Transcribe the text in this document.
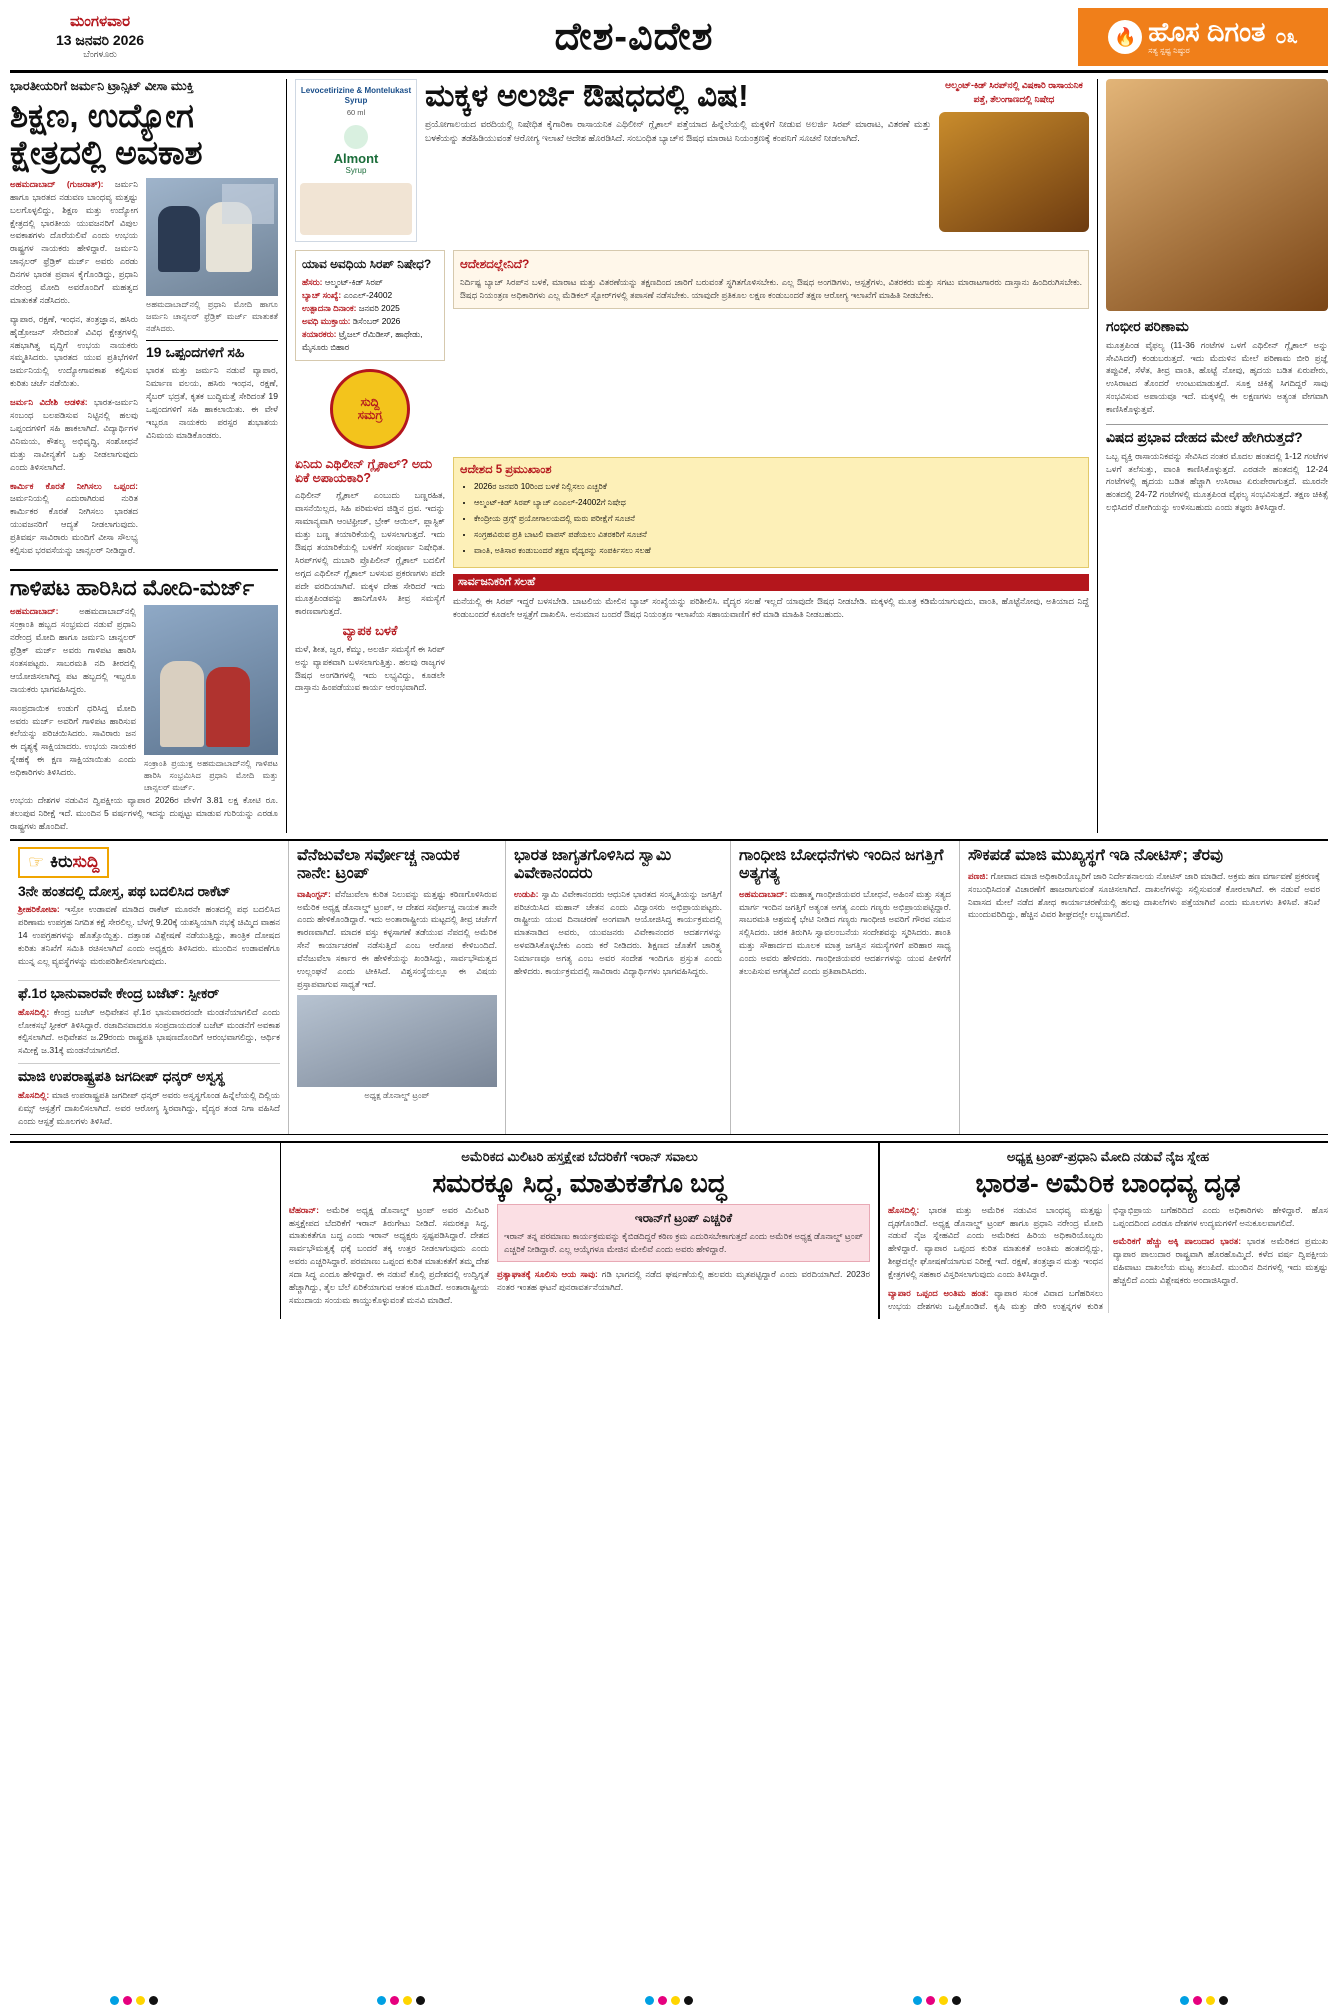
ಮಂಗಳವಾರ
13 ಜನವರಿ 2026
ಬೆಂಗಳೂರು	ದೇಶ-ವಿದೇಶ	🔥 ಹೊಸ ದಿಗಂತ
ಸತ್ಯ ಸ್ಪಷ್ಟ ನಿಷ್ಠುರ
೦೩
ಭಾರತೀಯರಿಗೆ ಜರ್ಮನಿ ಟ್ರಾನ್ಸಿಟ್ ವೀಸಾ ಮುಕ್ತಿ
ಶಿಕ್ಷಣ, ಉದ್ಯೋಗ ಕ್ಷೇತ್ರದಲ್ಲಿ ಅವಕಾಶ

ಅಹಮದಾಬಾದ್ (ಗುಜರಾತ್): ಜರ್ಮನಿ ಹಾಗೂ ಭಾರತದ ನಡುವಣ ಬಾಂಧವ್ಯ ಮತ್ತಷ್ಟು ಬಲಗೊಳ್ಳಲಿದ್ದು, ಶಿಕ್ಷಣ ಮತ್ತು ಉದ್ಯೋಗ ಕ್ಷೇತ್ರದಲ್ಲಿ ಭಾರತೀಯ ಯುವಜನರಿಗೆ ವಿಪುಲ ಅವಕಾಶಗಳು ದೊರೆಯಲಿವೆ ಎಂದು ಉಭಯ ರಾಷ್ಟ್ರಗಳ ನಾಯಕರು ಹೇಳಿದ್ದಾರೆ. ಜರ್ಮನಿ ಚಾನ್ಸಲರ್ ಫ್ರೆಡ್ರಿಕ್ ಮರ್ಜ್ ಅವರು ಎರಡು ದಿನಗಳ ಭಾರತ ಪ್ರವಾಸ ಕೈಗೊಂಡಿದ್ದು, ಪ್ರಧಾನಿ ನರೇಂದ್ರ ಮೋದಿ ಅವರೊಂದಿಗೆ ಮಹತ್ವದ ಮಾತುಕತೆ ನಡೆಸಿದರು.

ವ್ಯಾಪಾರ, ರಕ್ಷಣೆ, ಇಂಧನ, ತಂತ್ರಜ್ಞಾನ, ಹಸಿರು ಹೈಡ್ರೋಜನ್ ಸೇರಿದಂತೆ ವಿವಿಧ ಕ್ಷೇತ್ರಗಳಲ್ಲಿ ಸಹಭಾಗಿತ್ವ ವೃದ್ಧಿಗೆ ಉಭಯ ನಾಯಕರು ಸಮ್ಮತಿಸಿದರು. ಭಾರತದ ಯುವ ಪ್ರತಿಭೆಗಳಿಗೆ ಜರ್ಮನಿಯಲ್ಲಿ ಉದ್ಯೋಗಾವಕಾಶ ಕಲ್ಪಿಸುವ ಕುರಿತು ಚರ್ಚೆ ನಡೆಯಿತು.

ಜರ್ಮನಿ ವಿದೇಶಿ ಆಡಳಿತ: ಭಾರತ-ಜರ್ಮನಿ ಸಂಬಂಧ ಬಲಪಡಿಸುವ ನಿಟ್ಟಿನಲ್ಲಿ ಹಲವು ಒಪ್ಪಂದಗಳಿಗೆ ಸಹಿ ಹಾಕಲಾಗಿದೆ. ವಿದ್ಯಾರ್ಥಿಗಳ ವಿನಿಮಯ, ಕೌಶಲ್ಯ ಅಭಿವೃದ್ಧಿ, ಸಂಶೋಧನೆ ಮತ್ತು ನಾವೀನ್ಯತೆಗೆ ಒತ್ತು ನೀಡಲಾಗುವುದು ಎಂದು ತಿಳಿಸಲಾಗಿದೆ.

ಕಾರ್ಮಿಕ ಕೊರತೆ ನೀಗಿಸಲು ಒಪ್ಪಂದ: ಜರ್ಮನಿಯಲ್ಲಿ ಎದುರಾಗಿರುವ ನುರಿತ ಕಾರ್ಮಿಕರ ಕೊರತೆ ನೀಗಿಸಲು ಭಾರತದ ಯುವಜನರಿಗೆ ಆದ್ಯತೆ ನೀಡಲಾಗುವುದು. ಪ್ರತಿವರ್ಷ ಸಾವಿರಾರು ಮಂದಿಗೆ ವೀಸಾ ಸೌಲಭ್ಯ ಕಲ್ಪಿಸುವ ಭರವಸೆಯನ್ನು ಚಾನ್ಸಲರ್ ನೀಡಿದ್ದಾರೆ.

ಅಹಮದಾಬಾದ್‌ನಲ್ಲಿ ಪ್ರಧಾನಿ ಮೋದಿ ಹಾಗೂ ಜರ್ಮನಿ ಚಾನ್ಸಲರ್ ಫ್ರೆಡ್ರಿಕ್ ಮರ್ಜ್ ಮಾತುಕತೆ ನಡೆಸಿದರು.
19 ಒಪ್ಪಂದಗಳಿಗೆ ಸಹಿ
ಭಾರತ ಮತ್ತು ಜರ್ಮನಿ ನಡುವೆ ವ್ಯಾಪಾರ, ನಿರ್ಮಾಣ ವಲಯ, ಹಸಿರು ಇಂಧನ, ರಕ್ಷಣೆ, ಸೈಬರ್ ಭದ್ರತೆ, ಕೃತಕ ಬುದ್ಧಿಮತ್ತೆ ಸೇರಿದಂತೆ 19 ಒಪ್ಪಂದಗಳಿಗೆ ಸಹಿ ಹಾಕಲಾಯಿತು. ಈ ವೇಳೆ ಇಬ್ಬರೂ ನಾಯಕರು ಪರಸ್ಪರ ಶುಭಾಶಯ ವಿನಿಮಯ ಮಾಡಿಕೊಂಡರು.
ಗಾಳಿಪಟ ಹಾರಿಸಿದ ಮೋದಿ-ಮರ್ಜ್

ಅಹಮದಾಬಾದ್: ಅಹಮದಾಬಾದ್‌ನಲ್ಲಿ ಸಂಕ್ರಾಂತಿ ಹಬ್ಬದ ಸಂಭ್ರಮದ ನಡುವೆ ಪ್ರಧಾನಿ ನರೇಂದ್ರ ಮೋದಿ ಹಾಗೂ ಜರ್ಮನಿ ಚಾನ್ಸಲರ್ ಫ್ರೆಡ್ರಿಕ್ ಮರ್ಜ್ ಅವರು ಗಾಳಿಪಟ ಹಾರಿಸಿ ಸಂತಸಪಟ್ಟರು. ಸಾಬರಮತಿ ನದಿ ತೀರದಲ್ಲಿ ಆಯೋಜಿಸಲಾಗಿದ್ದ ಪಟ ಹಬ್ಬದಲ್ಲಿ ಇಬ್ಬರೂ ನಾಯಕರು ಭಾಗವಹಿಸಿದ್ದರು.

ಸಾಂಪ್ರದಾಯಿಕ ಉಡುಗೆ ಧರಿಸಿದ್ದ ಮೋದಿ ಅವರು ಮರ್ಜ್ ಅವರಿಗೆ ಗಾಳಿಪಟ ಹಾರಿಸುವ ಕಲೆಯನ್ನು ಪರಿಚಯಿಸಿದರು. ಸಾವಿರಾರು ಜನ ಈ ದೃಶ್ಯಕ್ಕೆ ಸಾಕ್ಷಿಯಾದರು. ಉಭಯ ನಾಯಕರ ಸ್ನೇಹಕ್ಕೆ ಈ ಕ್ಷಣ ಸಾಕ್ಷಿಯಾಯಿತು ಎಂದು ಅಧಿಕಾರಿಗಳು ತಿಳಿಸಿದರು.

ಸಂಕ್ರಾಂತಿ ಪ್ರಯುಕ್ತ ಅಹಮದಾಬಾದ್‌ನಲ್ಲಿ ಗಾಳಿಪಟ ಹಾರಿಸಿ ಸಂಭ್ರಮಿಸಿದ ಪ್ರಧಾನಿ ಮೋದಿ ಮತ್ತು ಚಾನ್ಸಲರ್ ಮರ್ಜ್.
ಉಭಯ ದೇಶಗಳ ನಡುವಿನ ದ್ವಿಪಕ್ಷೀಯ ವ್ಯಾಪಾರ 2026ರ ವೇಳೆಗೆ 3.81 ಲಕ್ಷ ಕೋಟಿ ರೂ. ತಲುಪುವ ನಿರೀಕ್ಷೆ ಇದೆ. ಮುಂದಿನ 5 ವರ್ಷಗಳಲ್ಲಿ ಇದನ್ನು ದುಪ್ಪಟ್ಟು ಮಾಡುವ ಗುರಿಯನ್ನು ಎರಡೂ ರಾಷ್ಟ್ರಗಳು ಹೊಂದಿವೆ.
Levocetirizine & Montelukast Syrup
60 ml
Almont
Syrup
ಮಕ್ಕಳ ಅಲರ್ಜಿ ಔಷಧದಲ್ಲಿ ವಿಷ!
ಪ್ರಯೋಗಾಲಯದ ವರದಿಯಲ್ಲಿ ನಿಷೇಧಿತ ಕೈಗಾರಿಕಾ ರಾಸಾಯನಿಕ ಎಥಿಲೀನ್ ಗ್ಲೈಕಾಲ್ ಪತ್ತೆಯಾದ ಹಿನ್ನೆಲೆಯಲ್ಲಿ ಮಕ್ಕಳಿಗೆ ನೀಡುವ ಅಲರ್ಜಿ ಸಿರಪ್ ಮಾರಾಟ, ವಿತರಣೆ ಮತ್ತು ಬಳಕೆಯನ್ನು ತಡೆಹಿಡಿಯುವಂತೆ ಆರೋಗ್ಯ ಇಲಾಖೆ ಆದೇಶ ಹೊರಡಿಸಿದೆ. ಸಂಬಂಧಿತ ಬ್ಯಾಚ್‌ನ ಔಷಧ ಮಾರಾಟ ನಿಯಂತ್ರಣಕ್ಕೆ ಕಂಪನಿಗೆ ಸೂಚನೆ ನೀಡಲಾಗಿದೆ.
ಆಲ್ಮಂಟ್-ಕಿಡ್ ಸಿರಪ್‌ನಲ್ಲಿ ವಿಷಕಾರಿ ರಾಸಾಯನಿಕ ಪತ್ತೆ, ತೆಲಂಗಾಣದಲ್ಲಿ ನಿಷೇಧ
ಯಾವ ಅವಧಿಯ ಸಿರಪ್ ನಿಷೇಧ?
ಹೆಸರು: ಆಲ್ಮಂಟ್-ಕಿಡ್ ಸಿರಪ್
ಬ್ಯಾಚ್ ಸಂಖ್ಯೆ: ಎಂಎಲ್-24002
ಉತ್ಪಾದನಾ ದಿನಾಂಕ: ಜನವರಿ 2025
ಅವಧಿ ಮುಕ್ತಾಯ: ಡಿಸೆಂಬರ್ 2026
ತಯಾರಕರು: ಟ್ರೈಜಲ್ ರೆಮಿಡೀಸ್, ಹಾಥೇಡು, ಮೈಸೂರು ಬಿಹಾರ
ಸುದ್ದಿ
ಸಮಗ್ರ
ಆದೇಶದಲ್ಲೇನಿದೆ?
ನಿರ್ದಿಷ್ಟ ಬ್ಯಾಚ್ ಸಿರಪ್‌ನ ಬಳಕೆ, ಮಾರಾಟ ಮತ್ತು ವಿತರಣೆಯನ್ನು ತಕ್ಷಣದಿಂದ ಜಾರಿಗೆ ಬರುವಂತೆ ಸ್ಥಗಿತಗೊಳಿಸಬೇಕು. ಎಲ್ಲ ಔಷಧ ಅಂಗಡಿಗಳು, ಆಸ್ಪತ್ರೆಗಳು, ವಿತರಕರು ಮತ್ತು ಸಗಟು ಮಾರಾಟಗಾರರು ದಾಸ್ತಾನು ಹಿಂದಿರುಗಿಸಬೇಕು. ಔಷಧ ನಿಯಂತ್ರಣ ಅಧಿಕಾರಿಗಳು ಎಲ್ಲ ಮೆಡಿಕಲ್ ಸ್ಟೋರ್‌ಗಳಲ್ಲಿ ತಪಾಸಣೆ ನಡೆಸಬೇಕು. ಯಾವುದೇ ಪ್ರತಿಕೂಲ ಲಕ್ಷಣ ಕಂಡುಬಂದರೆ ತಕ್ಷಣ ಆರೋಗ್ಯ ಇಲಾಖೆಗೆ ಮಾಹಿತಿ ನೀಡಬೇಕು.
ಏನಿದು ಎಥಿಲೀನ್ ಗ್ಲೈಕಾಲ್? ಅದು ಏಕೆ ಅಪಾಯಕಾರಿ?
ಎಥಿಲೀನ್ ಗ್ಲೈಕಾಲ್ ಎಂಬುದು ಬಣ್ಣರಹಿತ, ವಾಸನೆಯಿಲ್ಲದ, ಸಿಹಿ ಪರಿಮಳದ ಜಿಡ್ಡಿನ ದ್ರವ. ಇದನ್ನು ಸಾಮಾನ್ಯವಾಗಿ ಆಂಟಿಫ್ರೀಜ್, ಬ್ರೇಕ್ ಆಯಿಲ್, ಪ್ಲಾಸ್ಟಿಕ್ ಮತ್ತು ಬಣ್ಣ ತಯಾರಿಕೆಯಲ್ಲಿ ಬಳಸಲಾಗುತ್ತದೆ. ಇದು ಔಷಧ ತಯಾರಿಕೆಯಲ್ಲಿ ಬಳಕೆಗೆ ಸಂಪೂರ್ಣ ನಿಷೇಧಿತ. ಸಿರಪ್‌ಗಳಲ್ಲಿ ದುಬಾರಿ ಪ್ರೊಪಿಲೀನ್ ಗ್ಲೈಕಾಲ್ ಬದಲಿಗೆ ಅಗ್ಗದ ಎಥಿಲೀನ್ ಗ್ಲೈಕಾಲ್ ಬಳಸುವ ಪ್ರಕರಣಗಳು ಪದೇ ಪದೇ ವರದಿಯಾಗಿವೆ. ಮಕ್ಕಳ ದೇಹ ಸೇರಿದರೆ ಇದು ಮೂತ್ರಪಿಂಡವನ್ನು ಹಾನಿಗೊಳಿಸಿ ತೀವ್ರ ಸಮಸ್ಯೆಗೆ ಕಾರಣವಾಗುತ್ತದೆ.
ವ್ಯಾಪಕ ಬಳಕೆ
ಮಳೆ, ಶೀತ, ಜ್ವರ, ಕೆಮ್ಮು, ಅಲರ್ಜಿ ಸಮಸ್ಯೆಗೆ ಈ ಸಿರಪ್ ಅನ್ನು ವ್ಯಾಪಕವಾಗಿ ಬಳಸಲಾಗುತ್ತಿತ್ತು. ಹಲವು ರಾಜ್ಯಗಳ ಔಷಧ ಅಂಗಡಿಗಳಲ್ಲಿ ಇದು ಲಭ್ಯವಿದ್ದು, ಕೂಡಲೇ ದಾಸ್ತಾನು ಹಿಂಪಡೆಯುವ ಕಾರ್ಯ ಆರಂಭವಾಗಿದೆ.
ಆದೇಶದ 5 ಪ್ರಮುಖಾಂಶ
• 2026ರ ಜನವರಿ 10ರಿಂದ ಬಳಕೆ ನಿಲ್ಲಿಸಲು ಎಚ್ಚರಿಕೆ
• ಆಲ್ಮಂಟ್-ಕಿಡ್ ಸಿರಪ್ ಬ್ಯಾಚ್ ಎಂಎಲ್-24002ಗೆ ನಿಷೇಧ
• ಕೇಂದ್ರೀಯ ಡ್ರಗ್ಸ್ ಪ್ರಯೋಗಾಲಯದಲ್ಲಿ ಮರು ಪರೀಕ್ಷೆಗೆ ಸೂಚನೆ
• ಸಂಗ್ರಹವಿರುವ ಪ್ರತಿ ಬಾಟಲಿ ವಾಪಸ್ ಪಡೆಯಲು ವಿತರಕರಿಗೆ ಸೂಚನೆ
• ವಾಂತಿ, ಅತಿಸಾರ ಕಂಡುಬಂದರೆ ತಕ್ಷಣ ವೈದ್ಯರನ್ನು ಸಂಪರ್ಕಿಸಲು ಸಲಹೆ
ಸಾರ್ವಜನಿಕರಿಗೆ ಸಲಹೆ
ಮನೆಯಲ್ಲಿ ಈ ಸಿರಪ್ ಇದ್ದರೆ ಬಳಸಬೇಡಿ. ಬಾಟಲಿಯ ಮೇಲಿನ ಬ್ಯಾಚ್ ಸಂಖ್ಯೆಯನ್ನು ಪರಿಶೀಲಿಸಿ. ವೈದ್ಯರ ಸಲಹೆ ಇಲ್ಲದೆ ಯಾವುದೇ ಔಷಧ ನೀಡಬೇಡಿ. ಮಕ್ಕಳಲ್ಲಿ ಮೂತ್ರ ಕಡಿಮೆಯಾಗುವುದು, ವಾಂತಿ, ಹೊಟ್ಟೆನೋವು, ಅತಿಯಾದ ನಿದ್ದೆ ಕಂಡುಬಂದರೆ ಕೂಡಲೇ ಆಸ್ಪತ್ರೆಗೆ ದಾಖಲಿಸಿ. ಅನುಮಾನ ಬಂದರೆ ಔಷಧ ನಿಯಂತ್ರಣ ಇಲಾಖೆಯ ಸಹಾಯವಾಣಿಗೆ ಕರೆ ಮಾಡಿ ಮಾಹಿತಿ ನೀಡಬಹುದು.
ಗಂಭೀರ ಪರಿಣಾಮ
ಮೂತ್ರಪಿಂಡ ವೈಫಲ್ಯ (11-36 ಗಂಟೆಗಳ ಒಳಗೆ ಎಥಿಲೀನ್ ಗ್ಲೈಕಾಲ್ ಅನ್ನು ಸೇವಿಸಿದರೆ) ಕಂಡುಬರುತ್ತದೆ. ಇದು ಮೆದುಳಿನ ಮೇಲೆ ಪರಿಣಾಮ ಬೀರಿ ಪ್ರಜ್ಞೆ ತಪ್ಪುವಿಕೆ, ಸೆಳೆತ, ತೀವ್ರ ವಾಂತಿ, ಹೊಟ್ಟೆ ನೋವು, ಹೃದಯ ಬಡಿತ ಏರುಪೇರು, ಉಸಿರಾಟದ ತೊಂದರೆ ಉಂಟುಮಾಡುತ್ತದೆ. ಸೂಕ್ತ ಚಿಕಿತ್ಸೆ ಸಿಗದಿದ್ದರೆ ಸಾವು ಸಂಭವಿಸುವ ಅಪಾಯವೂ ಇದೆ. ಮಕ್ಕಳಲ್ಲಿ ಈ ಲಕ್ಷಣಗಳು ಅತ್ಯಂತ ವೇಗವಾಗಿ ಕಾಣಿಸಿಕೊಳ್ಳುತ್ತವೆ.
ವಿಷದ ಪ್ರಭಾವ ದೇಹದ ಮೇಲೆ ಹೇಗಿರುತ್ತದೆ?
ಒಬ್ಬ ವ್ಯಕ್ತಿ ರಾಸಾಯನಿಕವನ್ನು ಸೇವಿಸಿದ ನಂತರ ಮೊದಲ ಹಂತದಲ್ಲಿ 1-12 ಗಂಟೆಗಳ ಒಳಗೆ ತಲೆಸುತ್ತು, ವಾಂತಿ ಕಾಣಿಸಿಕೊಳ್ಳುತ್ತದೆ. ಎರಡನೇ ಹಂತದಲ್ಲಿ 12-24 ಗಂಟೆಗಳಲ್ಲಿ ಹೃದಯ ಬಡಿತ ಹೆಚ್ಚಾಗಿ ಉಸಿರಾಟ ಏರುಪೇರಾಗುತ್ತದೆ. ಮೂರನೇ ಹಂತದಲ್ಲಿ 24-72 ಗಂಟೆಗಳಲ್ಲಿ ಮೂತ್ರಪಿಂಡ ವೈಫಲ್ಯ ಸಂಭವಿಸುತ್ತದೆ. ತಕ್ಷಣ ಚಿಕಿತ್ಸೆ ಲಭಿಸಿದರೆ ರೋಗಿಯನ್ನು ಉಳಿಸಬಹುದು ಎಂದು ತಜ್ಞರು ತಿಳಿಸಿದ್ದಾರೆ.
☞ ಕಿರುಸುದ್ದಿ
3ನೇ ಹಂತದಲ್ಲಿ ದೋಸ್ತ, ಪಥ ಬದಲಿಸಿದ ರಾಕೆಟ್

ಶ್ರೀಹರಿಕೋಟಾ: ಇಸ್ರೋ ಉಡಾವಣೆ ಮಾಡಿದ ರಾಕೆಟ್ ಮೂರನೇ ಹಂತದಲ್ಲಿ ಪಥ ಬದಲಿಸಿದ ಪರಿಣಾಮ ಉಪಗ್ರಹ ನಿಗದಿತ ಕಕ್ಷೆ ಸೇರಲಿಲ್ಲ. ಬೆಳಗ್ಗೆ 9.20ಕ್ಕೆ ಯಶಸ್ವಿಯಾಗಿ ನಭಕ್ಕೆ ಚಿಮ್ಮಿದ ವಾಹನ 14 ಉಪಗ್ರಹಗಳನ್ನು ಹೊತ್ತೊಯ್ದಿತ್ತು. ದತ್ತಾಂಶ ವಿಶ್ಲೇಷಣೆ ನಡೆಯುತ್ತಿದ್ದು, ತಾಂತ್ರಿಕ ದೋಷದ ಕುರಿತು ತನಿಖೆಗೆ ಸಮಿತಿ ರಚಿಸಲಾಗಿದೆ ಎಂದು ಅಧ್ಯಕ್ಷರು ತಿಳಿಸಿದರು. ಮುಂದಿನ ಉಡಾವಣೆಗೂ ಮುನ್ನ ಎಲ್ಲ ವ್ಯವಸ್ಥೆಗಳನ್ನು ಮರುಪರಿಶೀಲಿಸಲಾಗುವುದು.

ಫೆ.1ರ ಭಾನುವಾರವೇ ಕೇಂದ್ರ ಬಜೆಟ್: ಸ್ಪೀಕರ್
ಹೊಸದಿಲ್ಲಿ: ಕೇಂದ್ರ ಬಜೆಟ್ ಅಧಿವೇಶನ ಫೆ.1ರ ಭಾನುವಾರದಂದೇ ಮಂಡನೆಯಾಗಲಿದೆ ಎಂದು ಲೋಕಸಭೆ ಸ್ಪೀಕರ್ ತಿಳಿಸಿದ್ದಾರೆ. ರಜಾದಿನವಾದರೂ ಸಂಪ್ರದಾಯದಂತೆ ಬಜೆಟ್ ಮಂಡನೆಗೆ ಅವಕಾಶ ಕಲ್ಪಿಸಲಾಗಿದೆ. ಅಧಿವೇಶನ ಜ.29ರಂದು ರಾಷ್ಟ್ರಪತಿ ಭಾಷಣದೊಂದಿಗೆ ಆರಂಭವಾಗಲಿದ್ದು, ಆರ್ಥಿಕ ಸಮೀಕ್ಷೆ ಜ.31ಕ್ಕೆ ಮಂಡನೆಯಾಗಲಿದೆ.
ಮಾಜಿ ಉಪರಾಷ್ಟ್ರಪತಿ ಜಗದೀಪ್ ಧನ್ಕರ್ ಅಸ್ವಸ್ಥ
ಹೊಸದಿಲ್ಲಿ: ಮಾಜಿ ಉಪರಾಷ್ಟ್ರಪತಿ ಜಗದೀಪ್ ಧನ್ಕರ್ ಅವರು ಅಸ್ವಸ್ಥಗೊಂಡ ಹಿನ್ನೆಲೆಯಲ್ಲಿ ದಿಲ್ಲಿಯ ಏಮ್ಸ್ ಆಸ್ಪತ್ರೆಗೆ ದಾಖಲಿಸಲಾಗಿದೆ. ಅವರ ಆರೋಗ್ಯ ಸ್ಥಿರವಾಗಿದ್ದು, ವೈದ್ಯರ ತಂಡ ನಿಗಾ ವಹಿಸಿದೆ ಎಂದು ಆಸ್ಪತ್ರೆ ಮೂಲಗಳು ತಿಳಿಸಿವೆ.
ವೆನೆಜುವೆಲಾ ಸರ್ವೋಚ್ಚ ನಾಯಕ ನಾನೇ: ಟ್ರಂಪ್
ವಾಷಿಂಗ್ಟನ್: ವೆನೆಜುವೆಲಾ ಕುರಿತ ನಿಲುವನ್ನು ಮತ್ತಷ್ಟು ಕಠಿಣಗೊಳಿಸಿರುವ ಅಮೆರಿಕ ಅಧ್ಯಕ್ಷ ಡೊನಾಲ್ಡ್ ಟ್ರಂಪ್, ಆ ದೇಶದ ಸರ್ವೋಚ್ಚ ನಾಯಕ ತಾನೇ ಎಂದು ಹೇಳಿಕೊಂಡಿದ್ದಾರೆ. ಇದು ಅಂತಾರಾಷ್ಟ್ರೀಯ ಮಟ್ಟದಲ್ಲಿ ತೀವ್ರ ಚರ್ಚೆಗೆ ಕಾರಣವಾಗಿದೆ. ಮಾದಕ ವಸ್ತು ಕಳ್ಳಸಾಗಣೆ ತಡೆಯುವ ನೆಪದಲ್ಲಿ ಅಮೆರಿಕ ಸೇನೆ ಕಾರ್ಯಾಚರಣೆ ನಡೆಸುತ್ತಿದೆ ಎಂಬ ಆರೋಪ ಕೇಳಿಬಂದಿದೆ. ವೆನೆಜುವೆಲಾ ಸರ್ಕಾರ ಈ ಹೇಳಿಕೆಯನ್ನು ಖಂಡಿಸಿದ್ದು, ಸಾರ್ವಭೌಮತ್ವದ ಉಲ್ಲಂಘನೆ ಎಂದು ಟೀಕಿಸಿದೆ. ವಿಶ್ವಸಂಸ್ಥೆಯಲ್ಲೂ ಈ ವಿಷಯ ಪ್ರಸ್ತಾಪವಾಗುವ ಸಾಧ್ಯತೆ ಇದೆ.
ಅಧ್ಯಕ್ಷ ಡೊನಾಲ್ಡ್ ಟ್ರಂಪ್
ಭಾರತ ಜಾಗೃತಗೊಳಿಸಿದ ಸ್ವಾಮಿ ವಿವೇಕಾನಂದರು
ಉಡುಪಿ: ಸ್ವಾಮಿ ವಿವೇಕಾನಂದರು ಆಧುನಿಕ ಭಾರತದ ಸಂಸ್ಕೃತಿಯನ್ನು ಜಗತ್ತಿಗೆ ಪರಿಚಯಿಸಿದ ಮಹಾನ್ ಚೇತನ ಎಂದು ವಿದ್ವಾಂಸರು ಅಭಿಪ್ರಾಯಪಟ್ಟರು. ರಾಷ್ಟ್ರೀಯ ಯುವ ದಿನಾಚರಣೆ ಅಂಗವಾಗಿ ಆಯೋಜಿಸಿದ್ದ ಕಾರ್ಯಕ್ರಮದಲ್ಲಿ ಮಾತನಾಡಿದ ಅವರು, ಯುವಜನರು ವಿವೇಕಾನಂದರ ಆದರ್ಶಗಳನ್ನು ಅಳವಡಿಸಿಕೊಳ್ಳಬೇಕು ಎಂದು ಕರೆ ನೀಡಿದರು. ಶಿಕ್ಷಣದ ಜೊತೆಗೆ ಚಾರಿತ್ರ್ಯ ನಿರ್ಮಾಣವೂ ಅಗತ್ಯ ಎಂಬ ಅವರ ಸಂದೇಶ ಇಂದಿಗೂ ಪ್ರಸ್ತುತ ಎಂದು ಹೇಳಿದರು. ಕಾರ್ಯಕ್ರಮದಲ್ಲಿ ಸಾವಿರಾರು ವಿದ್ಯಾರ್ಥಿಗಳು ಭಾಗವಹಿಸಿದ್ದರು.
ಗಾಂಧೀಜಿ ಬೋಧನೆಗಳು ಇಂದಿನ ಜಗತ್ತಿಗೆ ಅತ್ಯಗತ್ಯ
ಅಹಮದಾಬಾದ್: ಮಹಾತ್ಮ ಗಾಂಧೀಜಿಯವರ ಬೋಧನೆ, ಅಹಿಂಸೆ ಮತ್ತು ಸತ್ಯದ ಮಾರ್ಗ ಇಂದಿನ ಜಗತ್ತಿಗೆ ಅತ್ಯಂತ ಅಗತ್ಯ ಎಂದು ಗಣ್ಯರು ಅಭಿಪ್ರಾಯಪಟ್ಟಿದ್ದಾರೆ. ಸಾಬರಮತಿ ಆಶ್ರಮಕ್ಕೆ ಭೇಟಿ ನೀಡಿದ ಗಣ್ಯರು ಗಾಂಧೀಜಿ ಅವರಿಗೆ ಗೌರವ ನಮನ ಸಲ್ಲಿಸಿದರು. ಚರಕ ತಿರುಗಿಸಿ ಸ್ವಾವಲಂಬನೆಯ ಸಂದೇಶವನ್ನು ಸ್ಮರಿಸಿದರು. ಶಾಂತಿ ಮತ್ತು ಸೌಹಾರ್ದದ ಮೂಲಕ ಮಾತ್ರ ಜಗತ್ತಿನ ಸಮಸ್ಯೆಗಳಿಗೆ ಪರಿಹಾರ ಸಾಧ್ಯ ಎಂದು ಅವರು ಹೇಳಿದರು. ಗಾಂಧೀಜಿಯವರ ಆದರ್ಶಗಳನ್ನು ಯುವ ಪೀಳಿಗೆಗೆ ತಲುಪಿಸುವ ಅಗತ್ಯವಿದೆ ಎಂದು ಪ್ರತಿಪಾದಿಸಿದರು.
ಸೌಕಪಡೆ ಮಾಜಿ ಮುಖ್ಯಸ್ಥಗೆ ಇಡಿ ನೋಟಿಸ್; ತೆರವು
ಪಣಜಿ: ಗೋವಾದ ಮಾಜಿ ಅಧಿಕಾರಿಯೊಬ್ಬರಿಗೆ ಜಾರಿ ನಿರ್ದೇಶನಾಲಯ ನೋಟಿಸ್ ಜಾರಿ ಮಾಡಿದೆ. ಅಕ್ರಮ ಹಣ ವರ್ಗಾವಣೆ ಪ್ರಕರಣಕ್ಕೆ ಸಂಬಂಧಿಸಿದಂತೆ ವಿಚಾರಣೆಗೆ ಹಾಜರಾಗುವಂತೆ ಸೂಚಿಸಲಾಗಿದೆ. ದಾಖಲೆಗಳನ್ನು ಸಲ್ಲಿಸುವಂತೆ ಕೋರಲಾಗಿದೆ. ಈ ನಡುವೆ ಅವರ ನಿವಾಸದ ಮೇಲೆ ನಡೆದ ಶೋಧ ಕಾರ್ಯಾಚರಣೆಯಲ್ಲಿ ಹಲವು ದಾಖಲೆಗಳು ಪತ್ತೆಯಾಗಿವೆ ಎಂದು ಮೂಲಗಳು ತಿಳಿಸಿವೆ. ತನಿಖೆ ಮುಂದುವರಿದಿದ್ದು, ಹೆಚ್ಚಿನ ವಿವರ ಶೀಘ್ರದಲ್ಲೇ ಲಭ್ಯವಾಗಲಿದೆ.
ಅಮೆರಿಕದ ಮಿಲಿಟರಿ ಹಸ್ತಕ್ಷೇಪ ಬೆದರಿಕೆಗೆ ಇರಾನ್ ಸವಾಲು
ಸಮರಕ್ಕೂ ಸಿದ್ಧ, ಮಾತುಕತೆಗೂ ಬದ್ಧ

ಟೆಹರಾನ್: ಅಮೆರಿಕ ಅಧ್ಯಕ್ಷ ಡೊನಾಲ್ಡ್ ಟ್ರಂಪ್ ಅವರ ಮಿಲಿಟರಿ ಹಸ್ತಕ್ಷೇಪದ ಬೆದರಿಕೆಗೆ ಇರಾನ್ ತಿರುಗೇಟು ನೀಡಿದೆ. ಸಮರಕ್ಕೂ ಸಿದ್ಧ, ಮಾತುಕತೆಗೂ ಬದ್ಧ ಎಂದು ಇರಾನ್ ಅಧ್ಯಕ್ಷರು ಸ್ಪಷ್ಟಪಡಿಸಿದ್ದಾರೆ. ದೇಶದ ಸಾರ್ವಭೌಮತ್ವಕ್ಕೆ ಧಕ್ಕೆ ಬಂದರೆ ತಕ್ಕ ಉತ್ತರ ನೀಡಲಾಗುವುದು ಎಂದು ಅವರು ಎಚ್ಚರಿಸಿದ್ದಾರೆ. ಪರಮಾಣು ಒಪ್ಪಂದ ಕುರಿತ ಮಾತುಕತೆಗೆ ತಮ್ಮ ದೇಶ ಸದಾ ಸಿದ್ಧ ಎಂದೂ ಹೇಳಿದ್ದಾರೆ. ಈ ನಡುವೆ ಕೊಲ್ಲಿ ಪ್ರದೇಶದಲ್ಲಿ ಉದ್ವಿಗ್ನತೆ ಹೆಚ್ಚಾಗಿದ್ದು, ತೈಲ ಬೆಲೆ ಏರಿಕೆಯಾಗುವ ಆತಂಕ ಮೂಡಿದೆ. ಅಂತಾರಾಷ್ಟ್ರೀಯ ಸಮುದಾಯ ಸಂಯಮ ಕಾಯ್ದುಕೊಳ್ಳುವಂತೆ ಮನವಿ ಮಾಡಿದೆ.

ಇರಾನ್‌ಗೆ ಟ್ರಂಪ್ ಎಚ್ಚರಿಕೆ
ಇರಾನ್ ತನ್ನ ಪರಮಾಣು ಕಾರ್ಯಕ್ರಮವನ್ನು ಕೈಬಿಡದಿದ್ದರೆ ಕಠಿಣ ಕ್ರಮ ಎದುರಿಸಬೇಕಾಗುತ್ತದೆ ಎಂದು ಅಮೆರಿಕ ಅಧ್ಯಕ್ಷ ಡೊನಾಲ್ಡ್ ಟ್ರಂಪ್ ಎಚ್ಚರಿಕೆ ನೀಡಿದ್ದಾರೆ. ಎಲ್ಲ ಆಯ್ಕೆಗಳೂ ಮೇಜಿನ ಮೇಲಿವೆ ಎಂದು ಅವರು ಹೇಳಿದ್ದಾರೆ.
ಪ್ರತ್ಯಾಘಾತಕ್ಕೆ ಸೂಲಿಸು ಆಯ ಸಾವು: ಗಡಿ ಭಾಗದಲ್ಲಿ ನಡೆದ ಘರ್ಷಣೆಯಲ್ಲಿ ಹಲವರು ಮೃತಪಟ್ಟಿದ್ದಾರೆ ಎಂದು ವರದಿಯಾಗಿದೆ. 2023ರ ನಂತರ ಇಂತಹ ಘಟನೆ ಪುನರಾವರ್ತನೆಯಾಗಿದೆ.
ಅಧ್ಯಕ್ಷ ಟ್ರಂಪ್-ಪ್ರಧಾನಿ ಮೋದಿ ನಡುವೆ ನೈಜ ಸ್ನೇಹ
ಭಾರತ- ಅಮೆರಿಕ ಬಾಂಧವ್ಯ ದೃಢ

ಹೊಸದಿಲ್ಲಿ: ಭಾರತ ಮತ್ತು ಅಮೆರಿಕ ನಡುವಿನ ಬಾಂಧವ್ಯ ಮತ್ತಷ್ಟು ದೃಢಗೊಂಡಿದೆ. ಅಧ್ಯಕ್ಷ ಡೊನಾಲ್ಡ್ ಟ್ರಂಪ್ ಹಾಗೂ ಪ್ರಧಾನಿ ನರೇಂದ್ರ ಮೋದಿ ನಡುವೆ ನೈಜ ಸ್ನೇಹವಿದೆ ಎಂದು ಅಮೆರಿಕದ ಹಿರಿಯ ಅಧಿಕಾರಿಯೊಬ್ಬರು ಹೇಳಿದ್ದಾರೆ. ವ್ಯಾಪಾರ ಒಪ್ಪಂದ ಕುರಿತ ಮಾತುಕತೆ ಅಂತಿಮ ಹಂತದಲ್ಲಿದ್ದು, ಶೀಘ್ರದಲ್ಲೇ ಘೋಷಣೆಯಾಗುವ ನಿರೀಕ್ಷೆ ಇದೆ. ರಕ್ಷಣೆ, ತಂತ್ರಜ್ಞಾನ ಮತ್ತು ಇಂಧನ ಕ್ಷೇತ್ರಗಳಲ್ಲಿ ಸಹಕಾರ ವಿಸ್ತರಿಸಲಾಗುವುದು ಎಂದು ತಿಳಿಸಿದ್ದಾರೆ.

ವ್ಯಾಪಾರ ಒಪ್ಪಂದ ಅಂತಿಮ ಹಂತ: ವ್ಯಾಪಾರ ಸುಂಕ ವಿವಾದ ಬಗೆಹರಿಸಲು ಉಭಯ ದೇಶಗಳು ಒಪ್ಪಿಕೊಂಡಿವೆ. ಕೃಷಿ ಮತ್ತು ಡೇರಿ ಉತ್ಪನ್ನಗಳ ಕುರಿತ ಭಿನ್ನಾಭಿಪ್ರಾಯ ಬಗೆಹರಿದಿದೆ ಎಂದು ಅಧಿಕಾರಿಗಳು ಹೇಳಿದ್ದಾರೆ. ಹೊಸ ಒಪ್ಪಂದದಿಂದ ಎರಡೂ ದೇಶಗಳ ಉದ್ಯಮಗಳಿಗೆ ಅನುಕೂಲವಾಗಲಿದೆ.

ಅಮೆರಿಕಗೆ ಹೆಚ್ಚು ಅಕ್ಕಿ ಪಾಲುದಾರ ಭಾರತ: ಭಾರತ ಅಮೆರಿಕದ ಪ್ರಮುಖ ವ್ಯಾಪಾರ ಪಾಲುದಾರ ರಾಷ್ಟ್ರವಾಗಿ ಹೊರಹೊಮ್ಮಿದೆ. ಕಳೆದ ವರ್ಷ ದ್ವಿಪಕ್ಷೀಯ ವಹಿವಾಟು ದಾಖಲೆಯ ಮಟ್ಟ ತಲುಪಿದೆ. ಮುಂದಿನ ದಿನಗಳಲ್ಲಿ ಇದು ಮತ್ತಷ್ಟು ಹೆಚ್ಚಲಿದೆ ಎಂದು ವಿಶ್ಲೇಷಕರು ಅಂದಾಜಿಸಿದ್ದಾರೆ.
